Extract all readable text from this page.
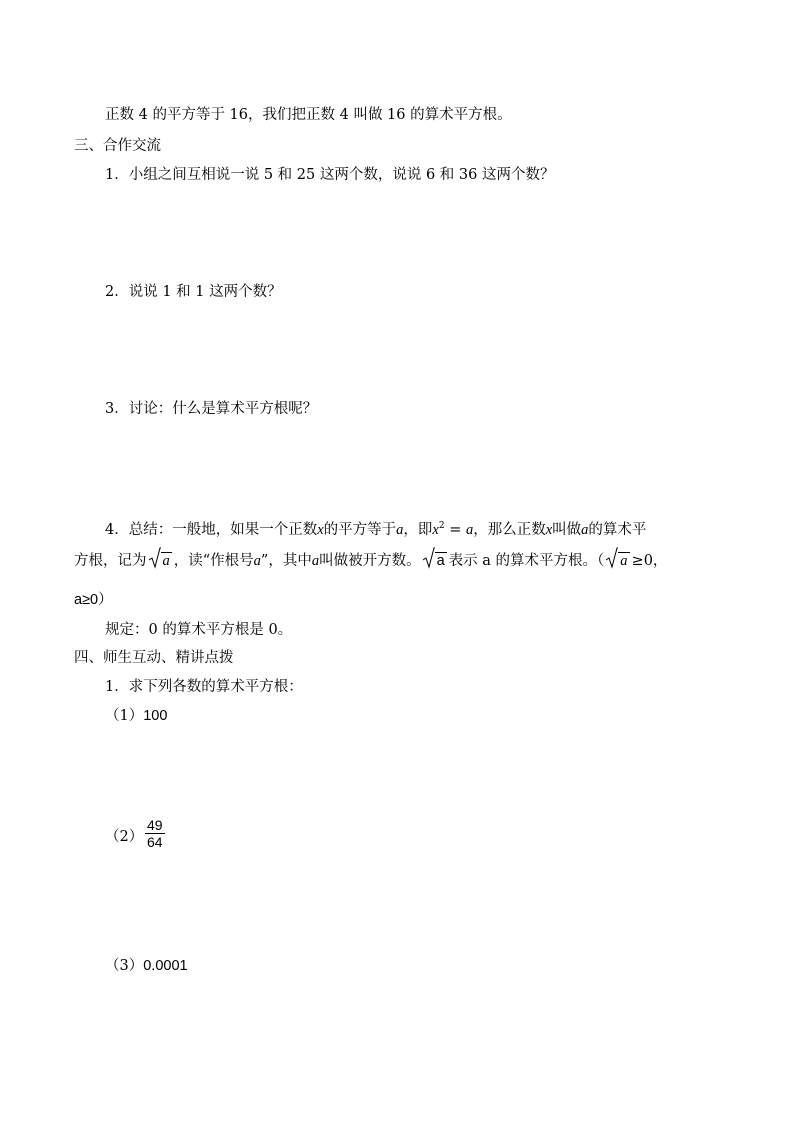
正数 4 的平方等于 16，我们把正数 4 叫做 16 的算术平方根。
三、合作交流
1．小组之间互相说一说 5 和 25 这两个数，说说 6 和 36 这两个数？
2．说说 1 和 1 这两个数？
3．讨论：什么是算术平方根呢？
4．总结：一般地，如果一个正数x的平方等于a，即$x^2 = a$，那么正数x叫做a的算术平
方根，记为 a ，读“作根号a”，其中a叫做被开方数。 a 表示 a 的算术平方根。（ a ≥0，
a≥0）
规定：0 的算术平方根是 0。
四、师生互动、精讲点拨
1．求下列各数的算术平方根：
（1）100
$(2) \frac{49}{64}$
（3）0.0001
